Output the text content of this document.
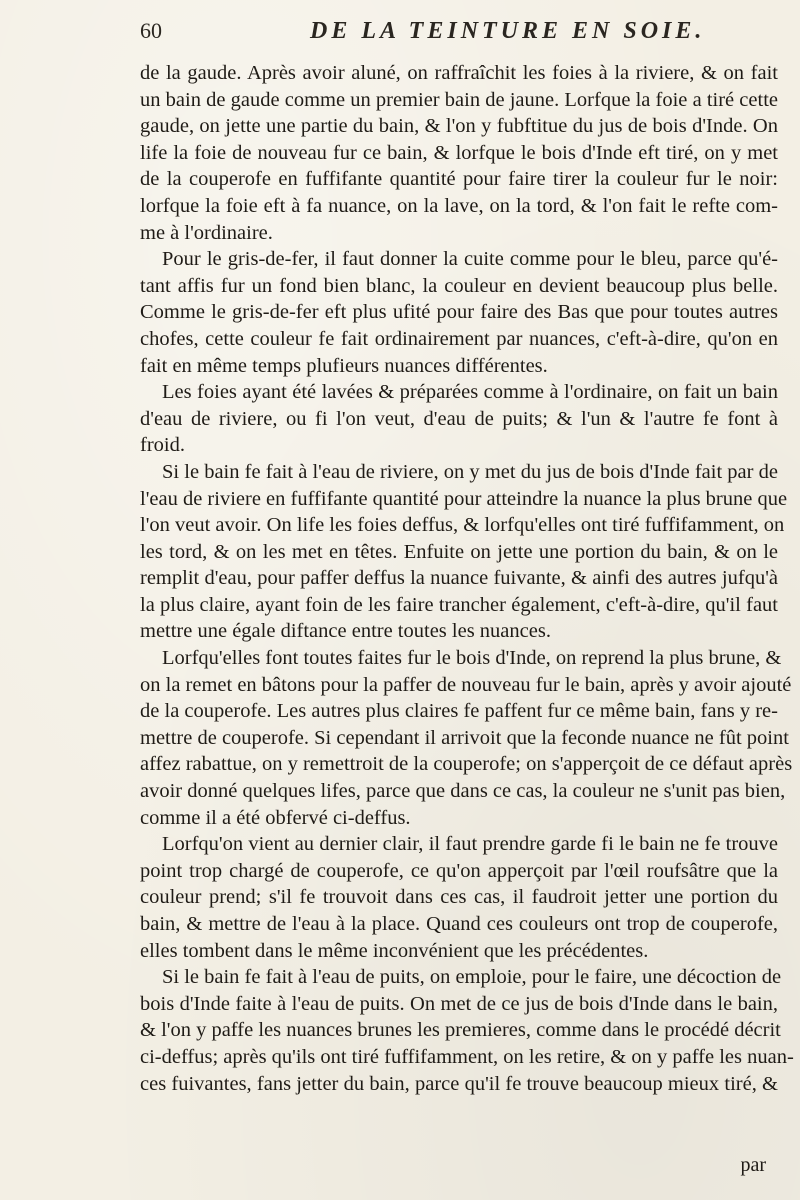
60	DE LA TEINTURE EN SOIE.
de la gaude. Après avoir aluné, on raffraîchit les foies à la riviere, & on fait
un bain de gaude comme un premier bain de jaune. Lorfque la foie a tiré cette
gaude, on jette une partie du bain, & l'on y fubftitue du jus de bois d'Inde. On
life la foie de nouveau fur ce bain, & lorfque le bois d'Inde eft tiré, on y met
de la couperofe en fuffifante quantité pour faire tirer la couleur fur le noir:
lorfque la foie eft à fa nuance, on la lave, on la tord, & l'on fait le refte com-
me à l'ordinaire.
Pour le gris-de-fer, il faut donner la cuite comme pour le bleu, parce qu'é-
tant affis fur un fond bien blanc, la couleur en devient beaucoup plus belle.
Comme le gris-de-fer eft plus ufité pour faire des Bas que pour toutes autres
chofes, cette couleur fe fait ordinairement par nuances, c'eft-à-dire, qu'on en
fait en même temps plufieurs nuances différentes.
Les foies ayant été lavées & préparées comme à l'ordinaire, on fait un bain
d'eau de riviere, ou fi l'on veut, d'eau de puits; & l'un & l'autre fe font à
froid.
Si le bain fe fait à l'eau de riviere, on y met du jus de bois d'Inde fait par de
l'eau de riviere en fuffifante quantité pour atteindre la nuance la plus brune que
l'on veut avoir. On life les foies deffus, & lorfqu'elles ont tiré fuffifamment, on
les tord, & on les met en têtes. Enfuite on jette une portion du bain, & on le
remplit d'eau, pour paffer deffus la nuance fuivante, & ainfi des autres jufqu'à
la plus claire, ayant foin de les faire trancher également, c'eft-à-dire, qu'il faut
mettre une égale diftance entre toutes les nuances.
Lorfqu'elles font toutes faites fur le bois d'Inde, on reprend la plus brune, &
on la remet en bâtons pour la paffer de nouveau fur le bain, après y avoir ajouté
de la couperofe. Les autres plus claires fe paffent fur ce même bain, fans y re-
mettre de couperofe. Si cependant il arrivoit que la feconde nuance ne fût point
affez rabattue, on y remettroit de la couperofe; on s'apperçoit de ce défaut après
avoir donné quelques lifes, parce que dans ce cas, la couleur ne s'unit pas bien,
comme il a été obfervé ci-deffus.
Lorfqu'on vient au dernier clair, il faut prendre garde fi le bain ne fe trouve
point trop chargé de couperofe, ce qu'on apperçoit par l'œil roufsâtre que la
couleur prend; s'il fe trouvoit dans ces cas, il faudroit jetter une portion du
bain, & mettre de l'eau à la place. Quand ces couleurs ont trop de couperofe,
elles tombent dans le même inconvénient que les précédentes.
Si le bain fe fait à l'eau de puits, on emploie, pour le faire, une décoction de
bois d'Inde faite à l'eau de puits. On met de ce jus de bois d'Inde dans le bain,
& l'on y paffe les nuances brunes les premieres, comme dans le procédé décrit
ci-deffus; après qu'ils ont tiré fuffifamment, on les retire, & on y paffe les nuan-
ces fuivantes, fans jetter du bain, parce qu'il fe trouve beaucoup mieux tiré, &
par
